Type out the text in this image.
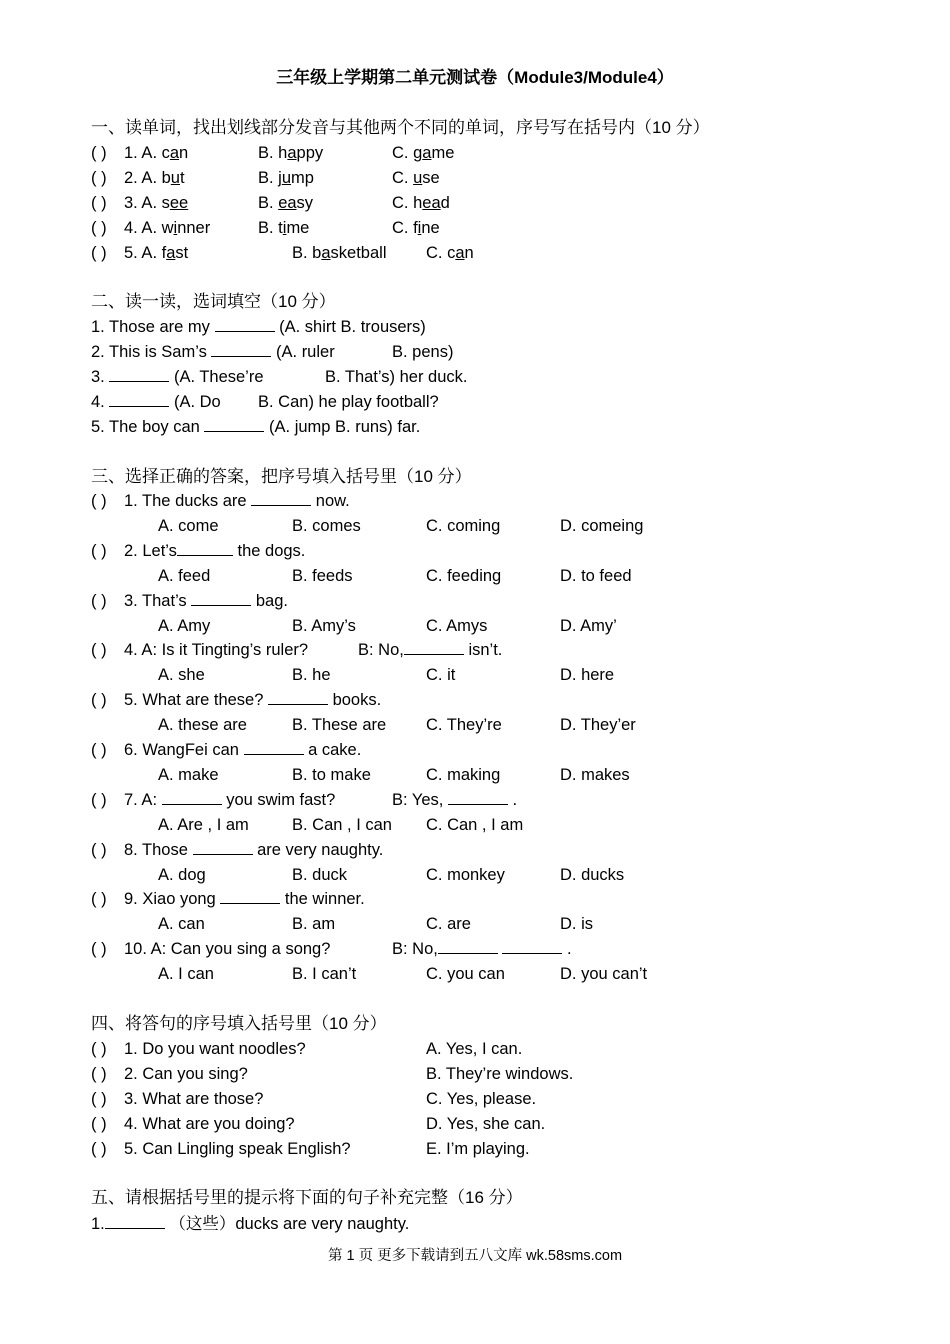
三年级上学期第二单元测试卷（Module3/Module4）
一、读单词，找出划线部分发音与其他两个不同的单词，序号写在括号内（10 分）
( ) 1. A. can	B. happy	C. game
( ) 2. A. but	B. jump	C. use
( ) 3. A. see	B. easy	C. head
( ) 4. A. winner	B. time	C. fine
( ) 5. A. fast	B. basketball C. can
二、读一读，选词填空（10 分）
1. Those are my	(A. shirt B. trousers)
2. This is Sam’s	(A. ruler	B. pens)
3.	(A. These’re	B. That’s) her duck.
4.	(A. Do B. Can) he play football?
5. The boy can	(A. jump B. runs) far.
三、选择正确的答案，把序号填入括号里（10 分）
( ) 1. The ducks are	now.
A. come	B. comes	C. coming	D. comeing
( ) 2. Let’s	the dogs.
A. feed	B. feeds	C. feeding	D. to feed
( ) 3. That’s	bag.
A. Amy	B. Amy’s	C. Amys	D. Amy’
( ) 4. A: Is it Tingting’s ruler?	B: No,	isn’t.
A. she	B. he	C. it	D. here
( ) 5. What are these?	books.
A. these are	B. These are C. They’re	D. They’er
( ) 6. WangFei can	a cake.
A. make	B. to make	C. making	D. makes
( ) 7. A:	you swim fast?	B: Yes,	.
A. Are , I am	B. Can , I can C. Can , I am
( ) 8. Those	are very naughty.
A. dog	B. duck	C. monkey	D. ducks
( ) 9. Xiao yong	the winner.
A. can	B. am	C. are	D. is
( ) 10. A: Can you sing a song?	B: No,	.
A. I can	B. I can’t	C. you can	D. you can’t
四、将答句的序号填入括号里（10 分）
( ) 1. Do you want noodles?	A. Yes, I can.
( ) 2. Can you sing?	B. They’re windows.
( ) 3. What are those?	C. Yes, please.
( ) 4. What are you doing?	D. Yes, she can.
( ) 5. Can Lingling speak English?	E. I’m playing.
五、请根据括号里的提示将下面的句子补充完整（16 分）
1.	（这些）ducks are very naughty.
第 1 页 更多下载请到五八文库 wk.58sms.com
